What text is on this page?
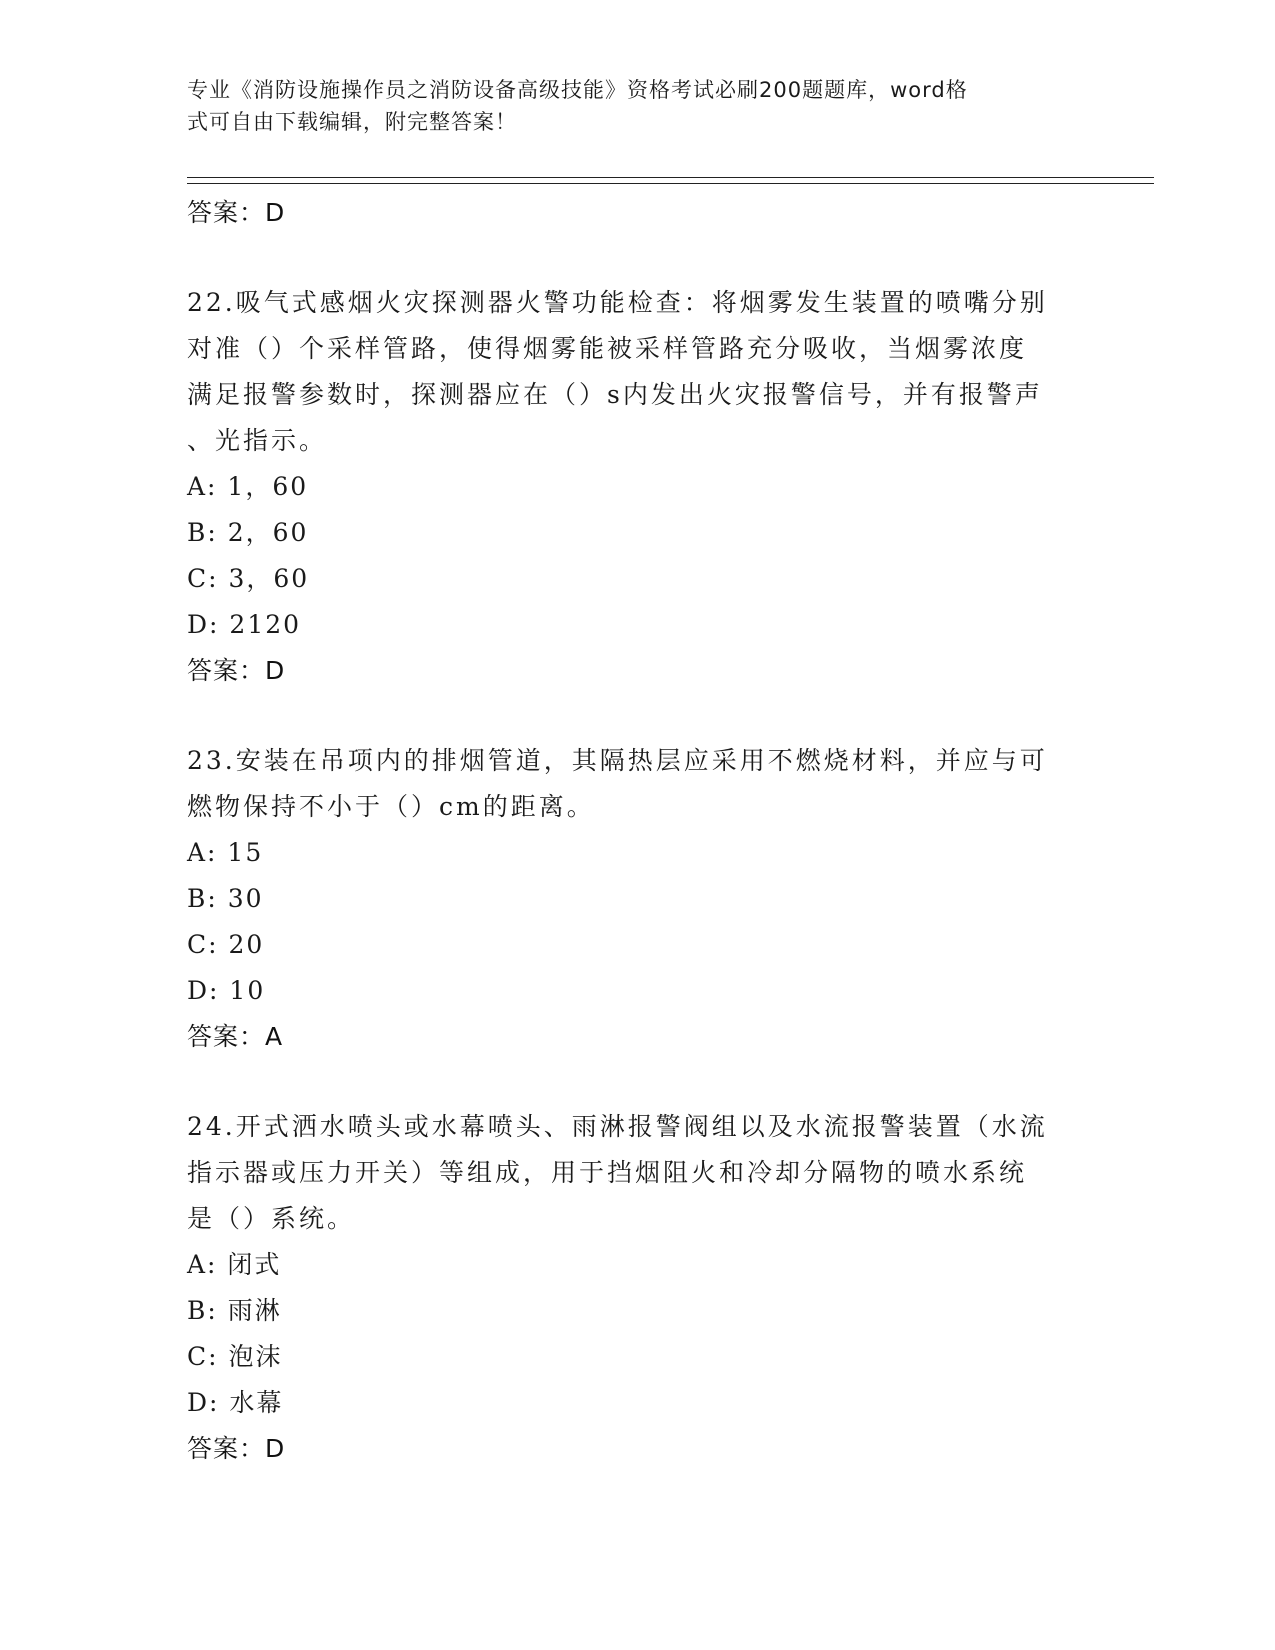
专业《消防设施操作员之消防设备高级技能》资格考试必刷200题题库，word格
式可自由下载编辑，附完整答案！
答案：D
22.吸气式感烟火灾探测器火警功能检查：将烟雾发生装置的喷嘴分别
对准（）个采样管路，使得烟雾能被采样管路充分吸收，当烟雾浓度
满足报警参数时，探测器应在（）s内发出火灾报警信号，并有报警声
、光指示。
A: 1，60
B: 2，60
C: 3，60
D: 2120
答案：D
23.安装在吊项内的排烟管道，其隔热层应采用不燃烧材料，并应与可
燃物保持不小于（）cm的距离。
A: 15
B: 30
C: 20
D: 10
答案：A
24.开式洒水喷头或水幕喷头、雨淋报警阀组以及水流报警装置（水流
指示器或压力开关）等组成，用于挡烟阻火和冷却分隔物的喷水系统
是（）系统。
A: 闭式
B: 雨淋
C: 泡沫
D: 水幕
答案：D
